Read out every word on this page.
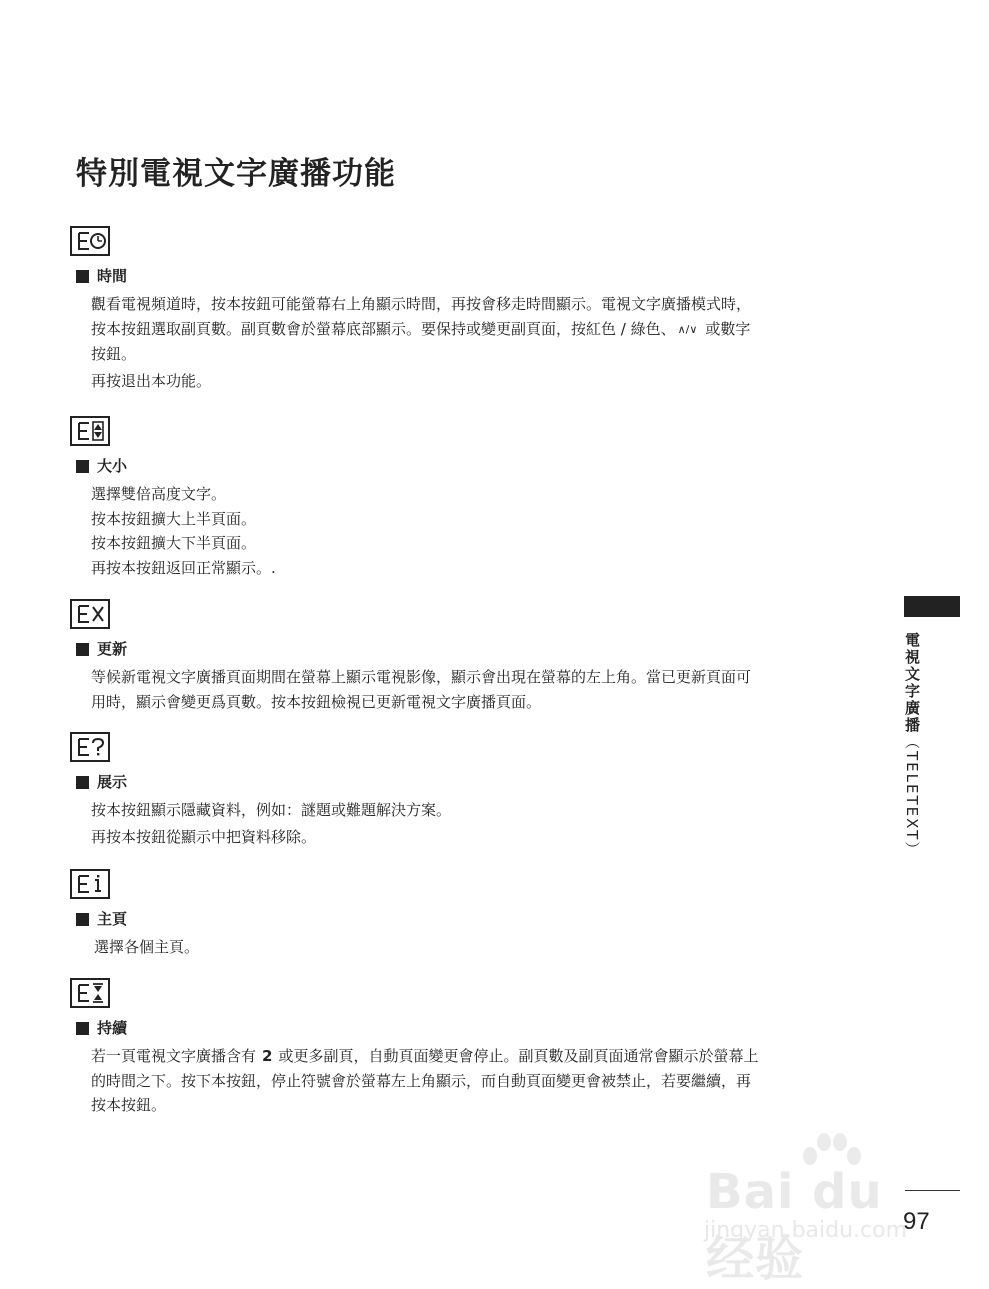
特別電視文字廣播功能
時間

觀看電視頻道時，按本按鈕可能螢幕右上角顯示時間，再按會移走時間顯示。電視文字廣播模式時，

按本按鈕選取副頁數。副頁數會於螢幕底部顯示。要保持或變更副頁面，按紅色 / 綠色、 ∧/∨ 或數字

按鈕。

再按退出本功能。

大小

選擇雙倍高度文字。

按本按鈕擴大上半頁面。

按本按鈕擴大下半頁面。

再按本按鈕返回正常顯示。.

更新

等候新電視文字廣播頁面期間在螢幕上顯示電視影像，顯示會出現在螢幕的左上角。當已更新頁面可

用時，顯示會變更爲頁數。按本按鈕檢視已更新電視文字廣播頁面。

展示

按本按鈕顯示隱藏資料，例如：謎題或難題解決方案。

再按本按鈕從顯示中把資料移除。

主頁

選擇各個主頁。

持續

若一頁電視文字廣播含有 2 或更多副頁，自動頁面變更會停止。副頁數及副頁面通常會顯示於螢幕上

的時間之下。按下本按鈕，停止符號會於螢幕左上角顯示，而自動頁面變更會被禁止，若要繼續，再

按本按鈕。

電視文字廣播（TELETEXT）
Bai du 经验
jingyan.baidu.com
97
